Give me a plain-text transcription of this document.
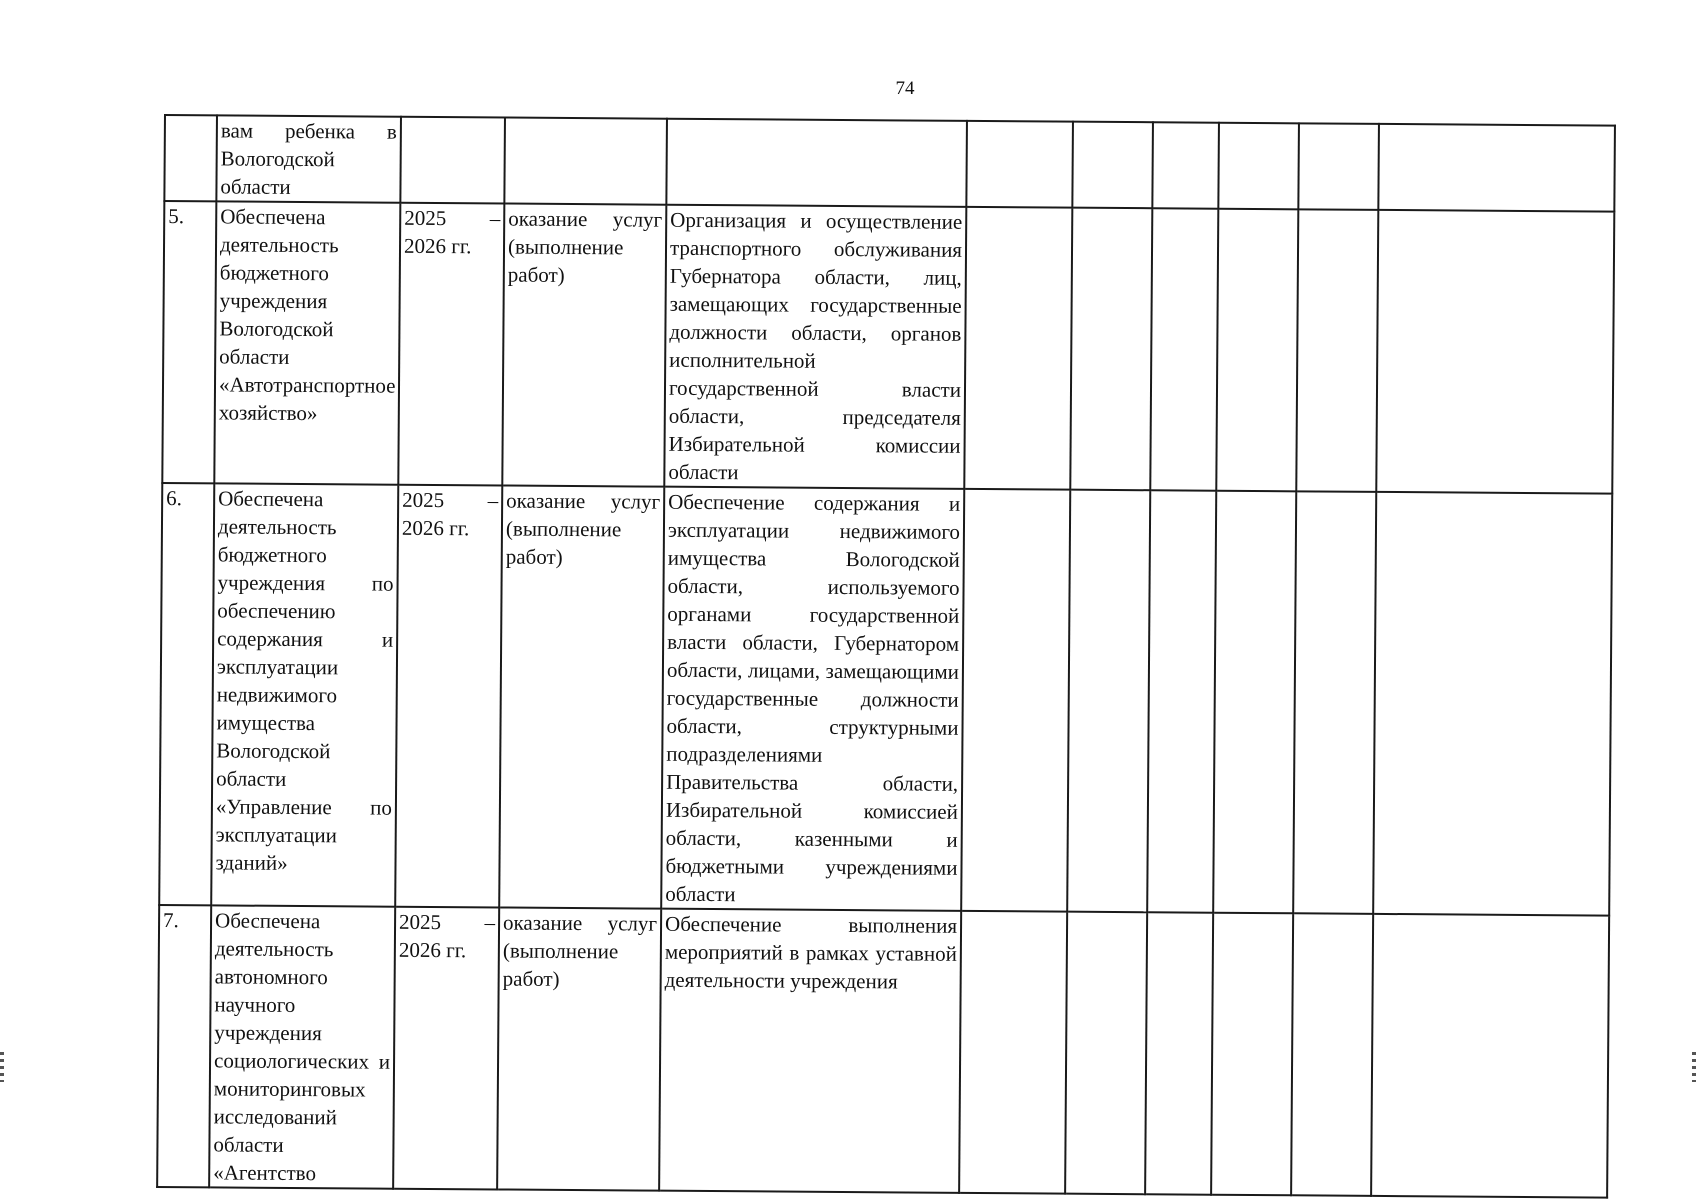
74
	вам ребенка в Вологодской области									
5.	Обеспечена деятельность бюджетного учреждения Вологодской области «Автотранспортное хозяйство»	2025 – 2026 гг.	оказание услуг (выполнение работ)	Организация и осуществление транспортного обслуживания Губернатора области, лиц, замещающих государственные должности области, органов исполнительной государственной власти области, председателя Избирательной комиссии области						
6.	Обеспечена деятельность бюджетного учреждения по обеспечению содержания и эксплуатации недвижимого имущества Вологодской области «Управление по эксплуатации зданий»	2025 – 2026 гг.	оказание услуг (выполнение работ)	Обеспечение содержания и эксплуатации недвижимого имущества Вологодской области, используемого органами государственной власти области, Губернатором области, лицами, замещающими государственные должности области, структурными подразделениями Правительства области, Избирательной комиссией области, казенными и бюджетными учреждениями области						
7.	Обеспечена деятельность автономного научного учреждения социологических и мониторинговых исследований области «Агентство	2025 – 2026 гг.	оказание услуг (выполнение работ)	Обеспечение выполнения мероприятий в рамках уставной деятельности учреждения						
